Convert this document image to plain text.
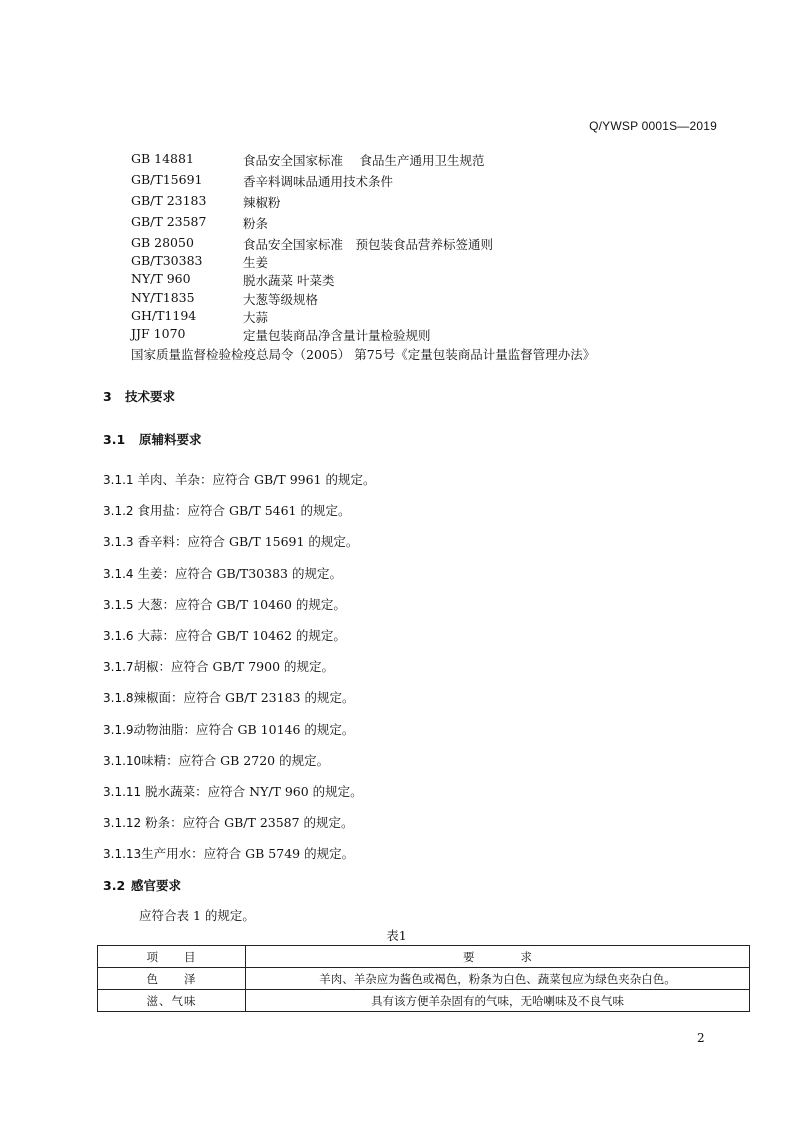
Q/YWSP 0001S—2019
GB 14881	食品安全国家标准　 食品生产通用卫生规范
GB/T15691	香辛料调味品通用技术条件
GB/T 23183	辣椒粉
GB/T 23587	粉条
GB 28050	食品安全国家标准　预包装食品营养标签通则
GB/T30383	生姜
NY/T 960	脱水蔬菜 叶菜类
NY/T1835	大葱等级规格
GH/T1194	大蒜
JJF 1070	定量包装商品净含量计量检验规则
国家质量监督检验检疫总局令（2005） 第75号《定量包装商品计量监督管理办法》
3 技术要求
3.1 原辅料要求
3.1.1 羊肉、羊杂：应符合 GB/T 9961 的规定。
3.1.2 食用盐：应符合 GB/T 5461 的规定。
3.1.3 香辛料：应符合 GB/T 15691 的规定。
3.1.4 生姜：应符合 GB/T30383 的规定。
3.1.5 大葱：应符合 GB/T 10460 的规定。
3.1.6 大蒜：应符合 GB/T 10462 的规定。
3.1.7胡椒：应符合 GB/T 7900 的规定。
3.1.8辣椒面：应符合 GB/T 23183 的规定。
3.1.9动物油脂：应符合 GB 10146 的规定。
3.1.10味精：应符合 GB 2720 的规定。
3.1.11 脱水蔬菜：应符合 NY/T 960 的规定。
3.1.12 粉条：应符合 GB/T 23587 的规定。
3.1.13生产用水：应符合 GB 5749 的规定。
3.2 感官要求
应符合表 1 的规定。
表1
项　　目	要　　　　求
色　　泽	羊肉、羊杂应为酱色或褐色，粉条为白色、蔬菜包应为绿色夹杂白色。
滋、气味	具有该方便羊杂固有的气味，无哈喇味及不良气味
2
